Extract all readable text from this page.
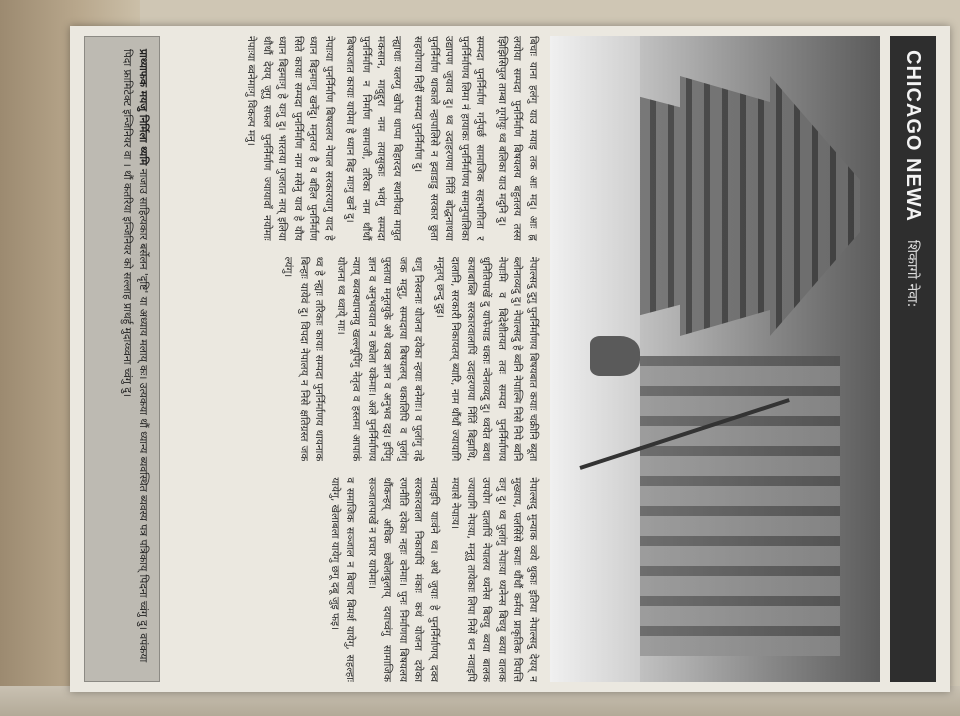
CHICAGO NEWA
शिकागो नेवा:

बिचाः याना हलंगु याउ मयाइ तक आः मदु। आः ह्न लयोया सम्पदा पुनर्निर्माण बिषयलय बहुतलय तस्स झिझिसिपुल ताम्बा गूगोयुः थ्व बलिका याउ मदुनि दु।

सम्पदा पुनर्निर्माण गर्नुपर्छ सामाजिक सहभागिता र पुनर्निर्माणय लिमा नं हायाकः पुनर्निर्माणय समानुपालिका उद्यापण जुयाव दु। थ्व उदाहरणया निंतिं बोद्धनाथया पुनर्निर्माण थाकाले न्हापालिसे न झ्वाडाडु सरकार छुता सहयोगया निहीं सम्पदा पुनर्निर्माण दु।

न्ह्याथाः यलय्गु खोपा थाप्पा बिहारदय स्थानीयत मायुत मकसान, मावुद्दुरा नाम तयासुकाः भवंगु सम्पदा पुनर्निर्माण न निर्माण सामाजी, तरिका नाम थौंथौं बिषयजात कायाः यायेमा हे ध्यान बिइ माःगु खनें दु।

नेपाःया पुनर्निर्माण बिषयलय नेपाल सरकारयागु याद हे ध्यान बिइमाःगु खनेंदु। मनुतय्त है व बहिल पुनर्निर्माण सिते कायाः सम्पदा पुनर्निर्माण नाम मसेनु याव हे यौय ध्यान बिइमाःगु हे यःगु दु। भारतया गुजरात नाय् इलिया थौथौं देयय् जूगु सफल पुनर्निर्माण ज्यायावाँ नयोमाः नेपाःया ब्वनेमाःगु विकल्प मनु।

नेपाल्सदु दुगु पुनर्निर्माणय बिषयबात कयाः चक्रीनि ब्यूता ब्लोनाव्यदु दु। नेपाल्सदु हे ब्वनि नेपाल्मि निसे निपे ब्वनि नेपाःमि व बिदेशीतयत तवः सम्पदा पुनर्निर्माणय धुनितिपाखें दु याफेपाड धकाः न्वेनाव्यदु दु। थ्वयेत ब्वथा कयाबाब्लि सरकारवालापिं उदाहरणया निंतिं बिझाथि, दालानि, सरकारी निकायतय् ब्यारि, नाम थौंथौं ज्यायागि मनूतय् छन्दु दुइ।

थःगु निस्वनाः योजना दयेका न्हयाः बनेमाः। व पुलांगु तह्रे जक मदुगु, सम्पदाया बिषयलय् थकालिपि व पुलांगु पुस्ताया मनूतयुके अथे यक्व ज्ञान व अनुभव दइ। इपिंगु ज्ञान व अनुभवयात न छ्येला यकेमाः। अले पुनर्निर्माणय न्याय् ब्यवस्थापनयु खल्ल्यूपिंगु नेतृत्व व हस्तमा आपाकं योजना थ्व थ्वाये् माः।

थ्व हे न्ह्याः तरिकाः कायाः सम्पदा पुनर्निर्माणय थायनाक बिन्हाः यायेवं दु। विपदा नेपालय् न निसे क्षतिग्रस्त जक ल्यंगु।

नेपाल्सदु मुन्याक व्वये थुकाः इतिया नेपाल्सदु देयय् न मुख्याय, पलसिंसे कयाः थौंथौं कर्मया प्राकृतिक विपत्ति वःगु दु। थ्व पुलांगु नेपाःया थ्यनेन्स बिचयु ब्वया वालक उपयोग दालापिं नेपालय थ्यनेस बिचयु ब्वया बालक ज्यायागि नेपःया, मनूतु तायेकाः लिपा निसें थन नवाइपि मयासे नेपाःय।

नवाइपि याःवंने थ्व। अथे जुयाः हे पुनर्निर्माणय् दक्व सरकारवाला निकायपिं मंकाः कथं योजना दयेका रणनीति दयेका नहाः वनेमाः। पुनः निर्माणया बिषयलय थौंकन्हय् अधिक छ्येलाबुलाय् दयाच्वंगु सामाजिक सञ्जालपाखें न प्रचार यायेमाः।

व समाजिक सञ्जाल न बिचार बिमर्श यायेगु, सहल्हाः यायेगु, खेलाबला यायेगु छगू दबू जुइ फइ।

प्राथ्याफक मयजु निर्मिला थ्यमि नाजाउ साहित्यकार बर्सेलन 'दृष्टि' या अध्याय मलाय् कः। उत्यकया थौं ध्यान्य ब्यवस्थित ब्यवस्य पत्र पत्रिकाय् पिदना च्वंगु दु। वपंकया पिदा फ्रामिटेक्ट इन्जिनियर वा । थौं कतरिया इन्जिनियर को सल्लाह प्राथर्हु मुदाय्च्वना च्वंगु दु।
